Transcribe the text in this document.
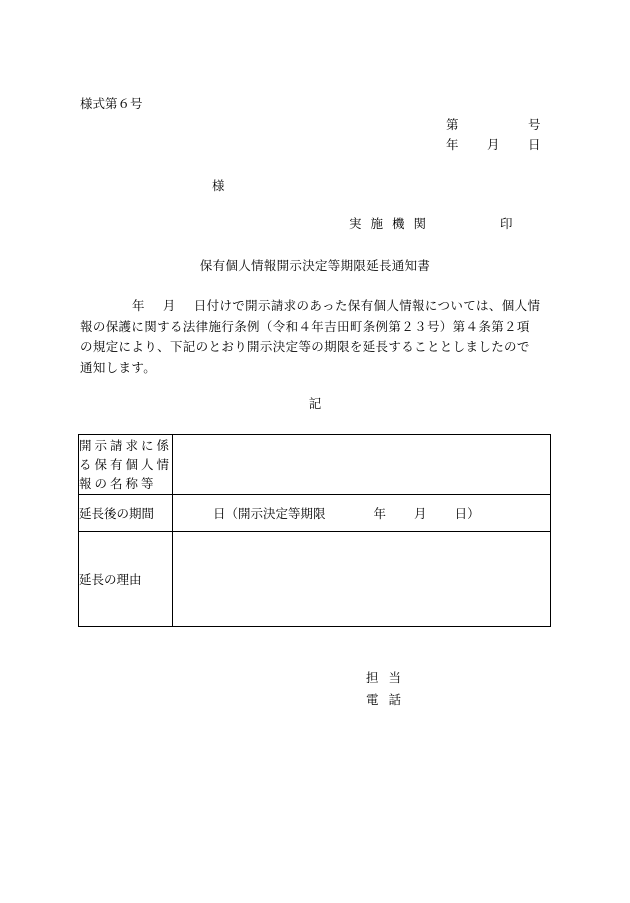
様式第６号
第	号
年 月 日
様
実施機関	印
保有個人情報開示決定等期限延長通知書
年 月 日付けで開示請求のあった保有個人情報については、個人情
報の保護に関する法律施行条例（令和４年吉田町条例第２３号）第４条第２項
の規定により、下記のとおり開示決定等の期限を延長することとしましたので
通知します。
記
開示請求に係
る保有個人情
報の名称等	

延長後の期間	日（開示決定等期限 年 月 日）

延長の理由	
担当
電話
